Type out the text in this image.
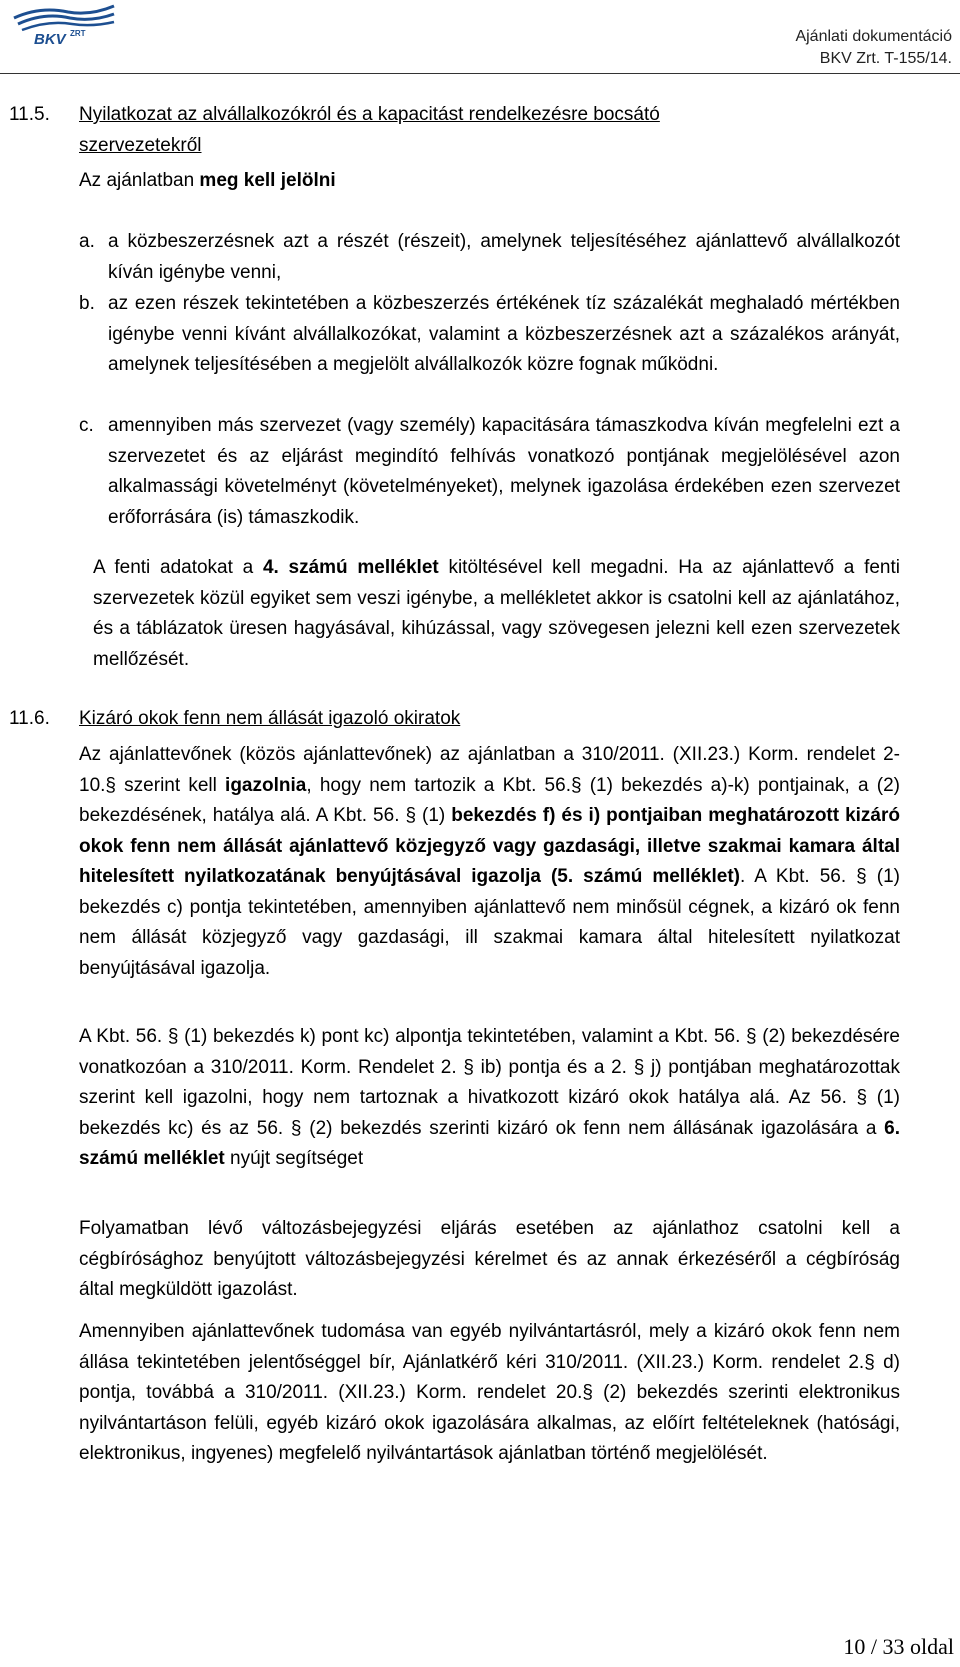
BKV ZRT	Ajánlati dokumentáció
BKV Zrt. T-155/14.
11.5. Nyilatkozat az alvállalkozókról és a kapacitást rendelkezésre bocsátó szervezetekről
Az ajánlatban meg kell jelölni
a. a közbeszerzésnek azt a részét (részeit), amelynek teljesítéséhez ajánlattevő alvállalkozót kíván igénybe venni,
b. az ezen részek tekintetében a közbeszerzés értékének tíz százalékát meghaladó mértékben igénybe venni kívánt alvállalkozókat, valamint a közbeszerzésnek azt a százalékos arányát, amelynek teljesítésében a megjelölt alvállalkozók közre fognak működni.
c. amennyiben más szervezet (vagy személy) kapacitására támaszkodva kíván megfelelni ezt a szervezetet és az eljárást megindító felhívás vonatkozó pontjának megjelölésével azon alkalmassági követelményt (követelményeket), melynek igazolása érdekében ezen szervezet erőforrására (is) támaszkodik.
A fenti adatokat a 4. számú melléklet kitöltésével kell megadni. Ha az ajánlattevő a fenti szervezetek közül egyiket sem veszi igénybe, a mellékletet akkor is csatolni kell az ajánlatához, és a táblázatok üresen hagyásával, kihúzással, vagy szövegesen jelezni kell ezen szervezetek mellőzését.
11.6. Kizáró okok fenn nem állását igazoló okiratok
Az ajánlattevőnek (közös ajánlattevőnek) az ajánlatban a 310/2011. (XII.23.) Korm. rendelet 2-10.§ szerint kell igazolnia, hogy nem tartozik a Kbt. 56.§ (1) bekezdés a)-k) pontjainak, a (2) bekezdésének, hatálya alá. A Kbt. 56. § (1) bekezdés f) és i) pontjaiban meghatározott kizáró okok fenn nem állását ajánlattevő közjegyző vagy gazdasági, illetve szakmai kamara által hitelesített nyilatkozatának benyújtásával igazolja (5. számú melléklet). A Kbt. 56. § (1) bekezdés c) pontja tekintetében, amennyiben ajánlattevő nem minősül cégnek, a kizáró ok fenn nem állását közjegyző vagy gazdasági, ill szakmai kamara által hitelesített nyilatkozat benyújtásával igazolja.
A Kbt. 56. § (1) bekezdés k) pont kc) alpontja tekintetében, valamint a Kbt. 56. § (2) bekezdésére vonatkozóan a 310/2011. Korm. Rendelet 2. § ib) pontja és a 2. § j) pontjában meghatározottak szerint kell igazolni, hogy nem tartoznak a hivatkozott kizáró okok hatálya alá. Az 56. § (1) bekezdés kc) és az 56. § (2) bekezdés szerinti kizáró ok fenn nem állásának igazolására a 6. számú melléklet nyújt segítséget
Folyamatban lévő változásbejegyzési eljárás esetében az ajánlathoz csatolni kell a cégbírósághoz benyújtott változásbejegyzési kérelmet és az annak érkezéséről a cégbíróság által megküldött igazolást.
Amennyiben ajánlattevőnek tudomása van egyéb nyilvántartásról, mely a kizáró okok fenn nem állása tekintetében jelentőséggel bír, Ajánlatkérő kéri 310/2011. (XII.23.) Korm. rendelet 2.§ d) pontja, továbbá a 310/2011. (XII.23.) Korm. rendelet 20.§ (2) bekezdés szerinti elektronikus nyilvántartáson felüli, egyéb kizáró okok igazolására alkalmas, az előírt feltételeknek (hatósági, elektronikus, ingyenes) megfelelő nyilvántartások ajánlatban történő megjelölését.
10 / 33 oldal
